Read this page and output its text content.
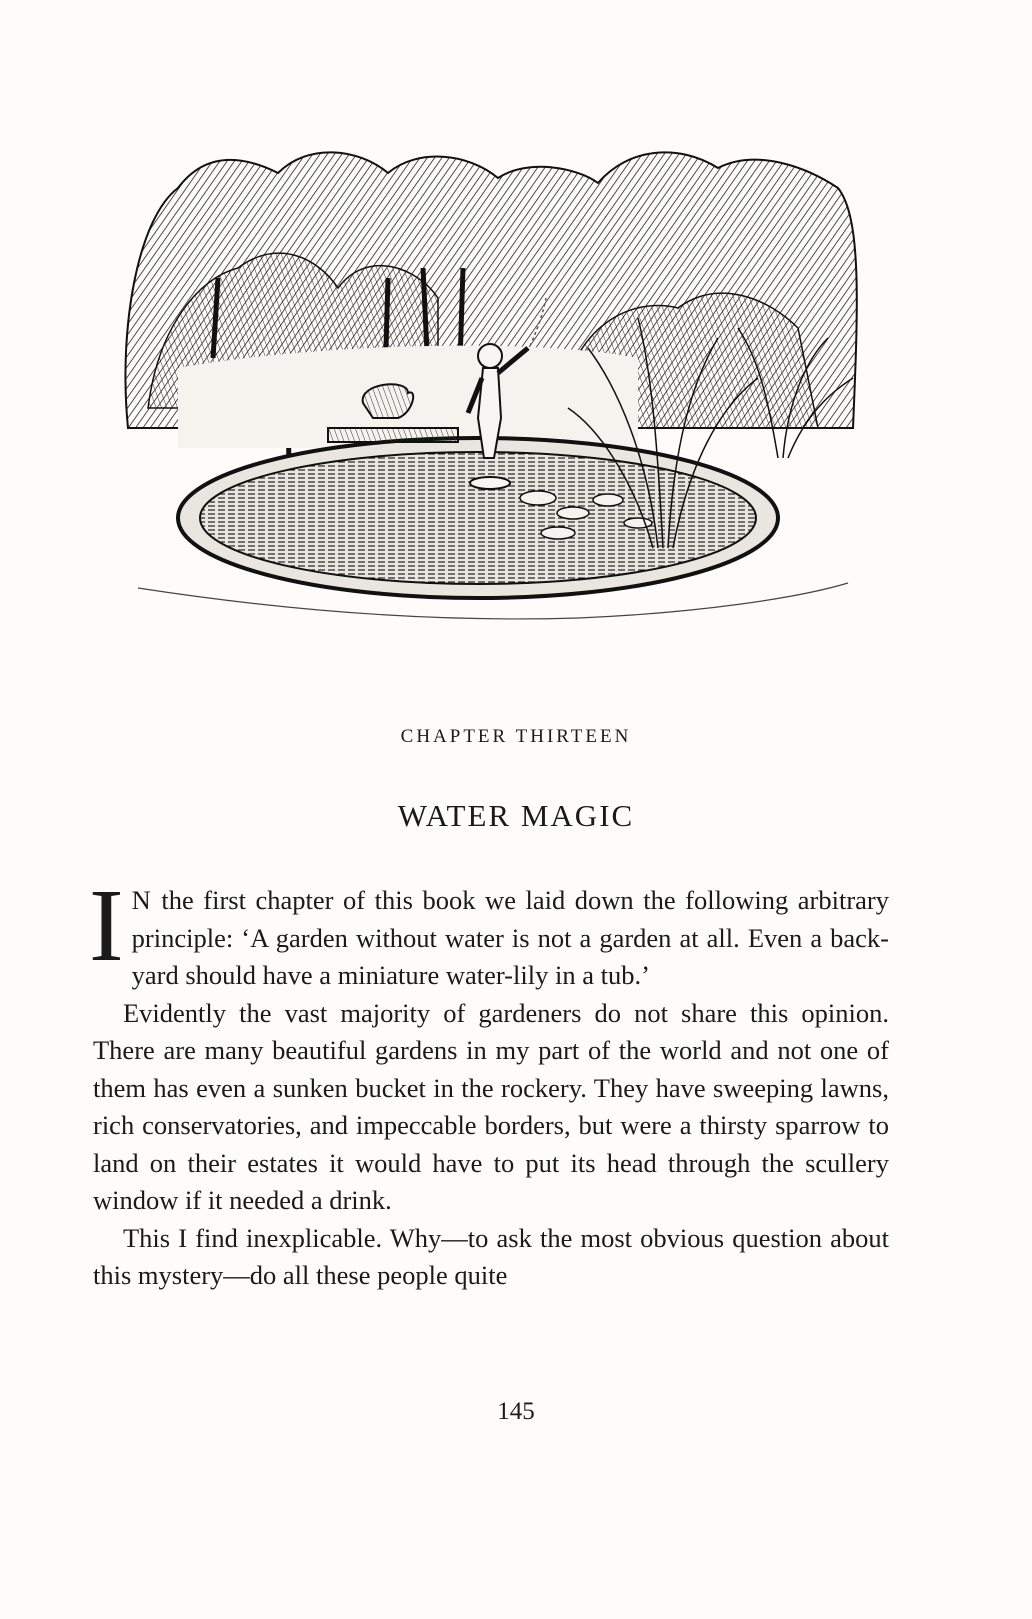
CHAPTER THIRTEEN
WATER MAGIC

I N the first chapter of this book we laid down the following arbitrary principle: ‘A garden without water is not a garden at all. Even a back-yard should have a miniature water-lily in a tub.’

Evidently the vast majority of gardeners do not share this opinion. There are many beautiful gardens in my part of the world and not one of them has even a sunken bucket in the rockery. They have sweeping lawns, rich conservatories, and impeccable borders, but were a thirsty sparrow to land on their estates it would have to put its head through the scullery window if it needed a drink.

This I find inexplicable. Why—to ask the most obvious question about this mystery—do all these people quite

145
